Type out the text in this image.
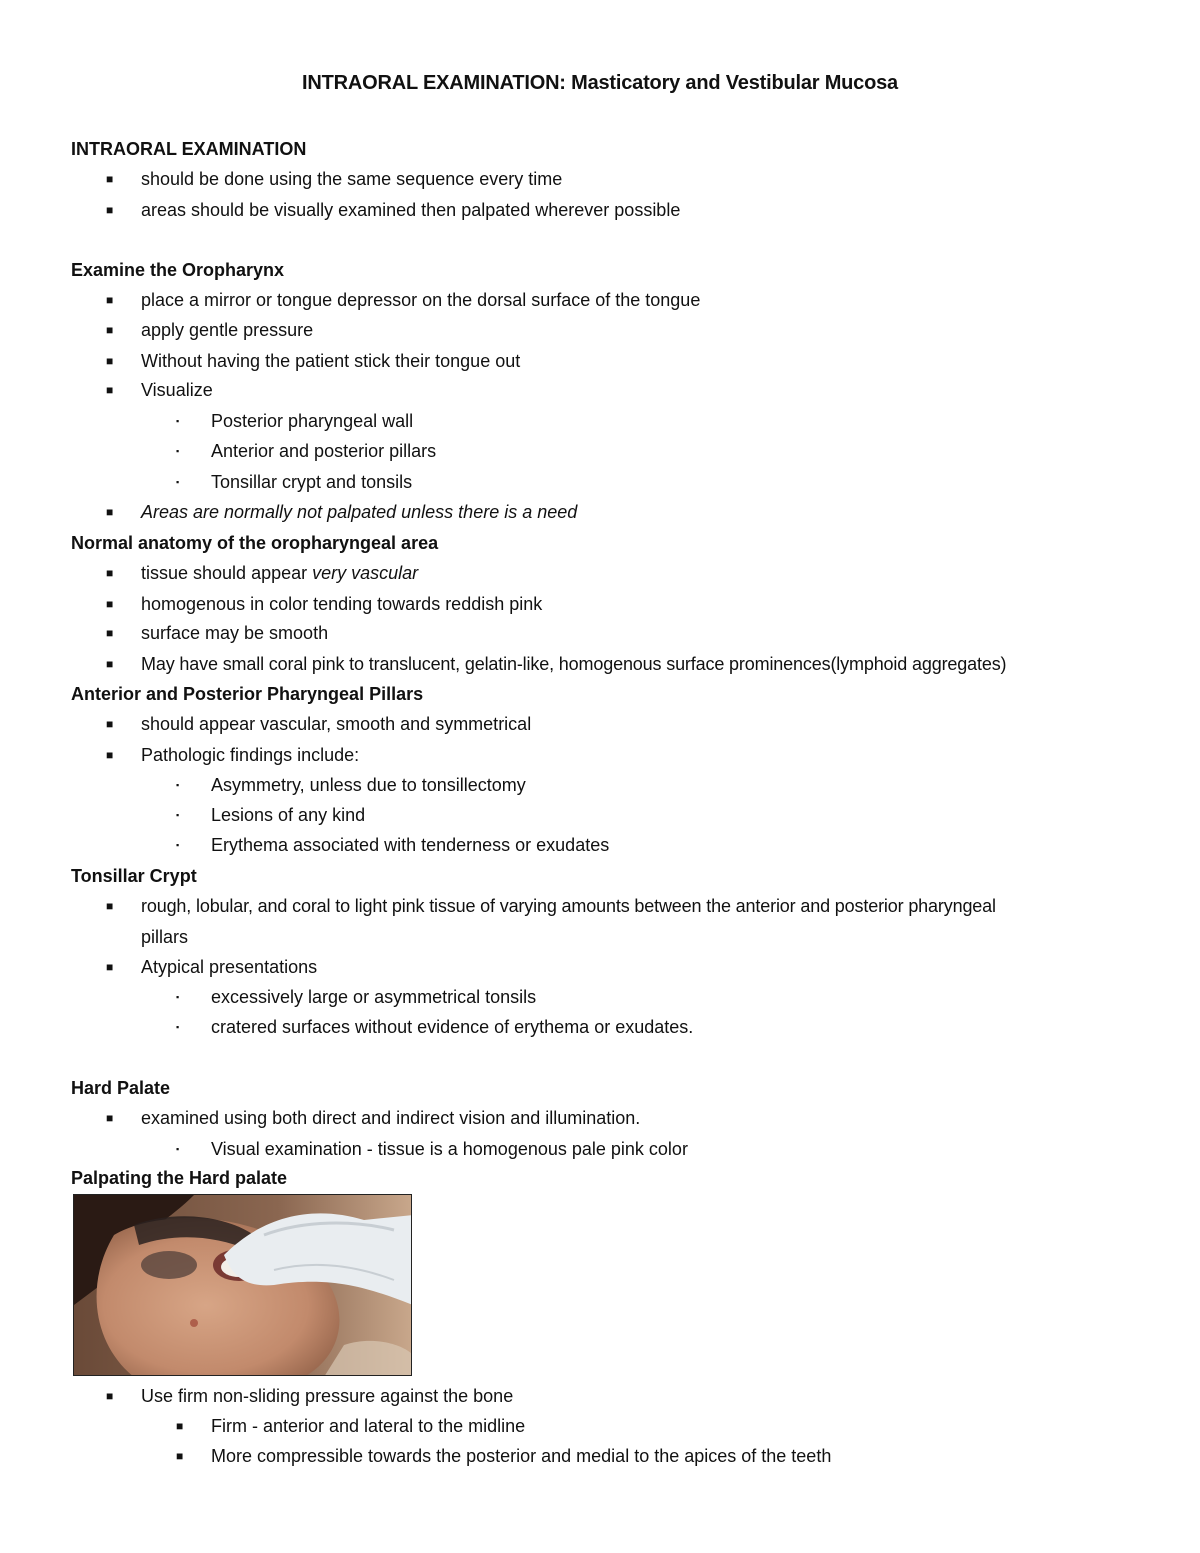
INTRAORAL EXAMINATION: Masticatory and Vestibular Mucosa
INTRAORAL EXAMINATION
■ should be done using the same sequence every time
■ areas should be visually examined then palpated wherever possible
Examine the Oropharynx
■ place a mirror or tongue depressor on the dorsal surface of the tongue
■ apply gentle pressure
■ Without having the patient stick their tongue out
■ Visualize
▪ Posterior pharyngeal wall
▪ Anterior and posterior pillars
▪ Tonsillar crypt and tonsils
■ Areas are normally not palpated unless there is a need
Normal anatomy of the oropharyngeal area
■ tissue should appear very vascular
■ homogenous in color tending towards reddish pink
■ surface may be smooth
■ May have small coral pink to translucent, gelatin-like, homogenous surface prominences(lymphoid aggregates)
Anterior and Posterior Pharyngeal Pillars
■ should appear vascular, smooth and symmetrical
■ Pathologic findings include:
▪ Asymmetry, unless due to tonsillectomy
▪ Lesions of any kind
▪ Erythema associated with tenderness or exudates
Tonsillar Crypt
■ rough, lobular, and coral to light pink tissue of varying amounts between the anterior and posterior pharyngeal
pillars
■ Atypical presentations
▪ excessively large or asymmetrical tonsils
▪ cratered surfaces without evidence of erythema or exudates.
Hard Palate
■ examined using both direct and indirect vision and illumination.
▪ Visual examination - tissue is a homogenous pale pink color
Palpating the Hard palate
■ Use firm non-sliding pressure against the bone
■ Firm - anterior and lateral to the midline
■ More compressible towards the posterior and medial to the apices of the teeth
